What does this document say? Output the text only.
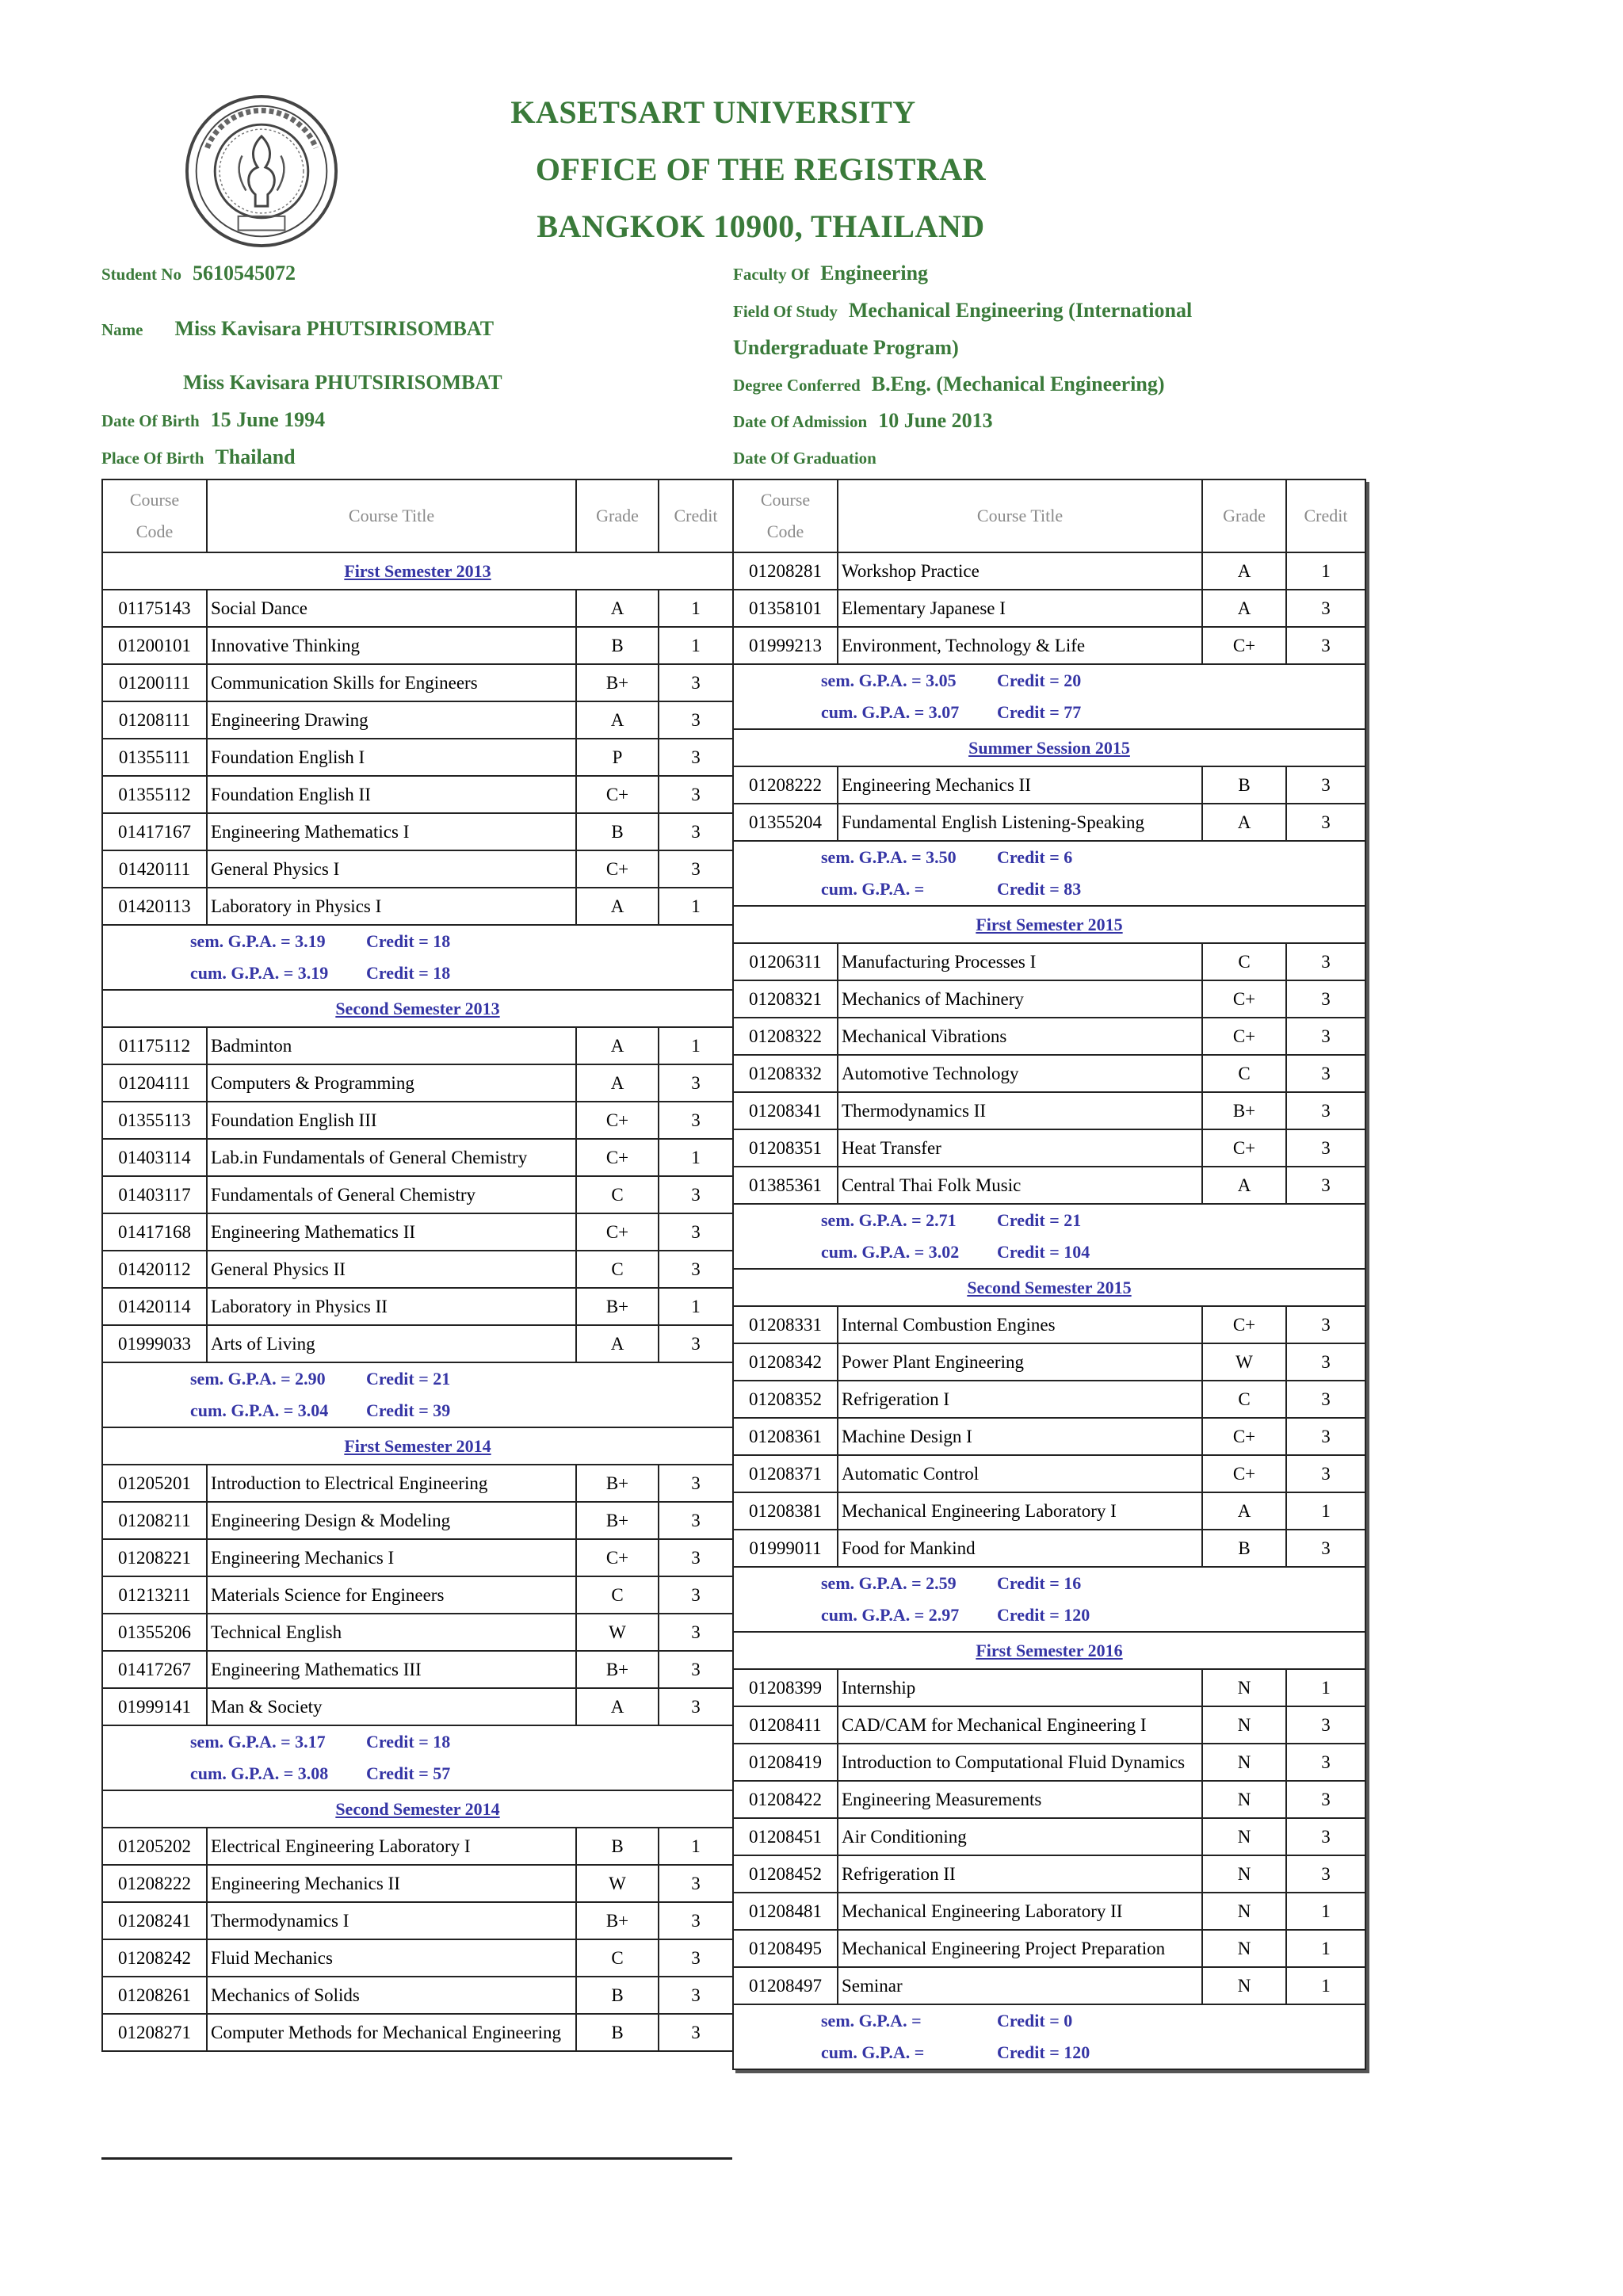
KASETSART UNIVERSITY
OFFICE OF THE REGISTRAR
BANGKOK 10900, THAILAND
Student No 5610545072
Name Miss Kavisara PHUTSIRISOMBAT
Miss Kavisara PHUTSIRISOMBAT
Date Of Birth 15 June 1994
Place Of Birth Thailand
Faculty Of Engineering
Field Of Study Mechanical Engineering (International
Undergraduate Program)
Degree Conferred B.Eng. (Mechanical Engineering)
Date Of Admission 10 June 2013
Date Of Graduation
Course
Code	Course Title	Grade	Credit
First Semester 2013			
01175143	Social Dance	A	1
01200101	Innovative Thinking	B	1
01200111	Communication Skills for Engineers	B+	3
01208111	Engineering Drawing	A	3
01355111	Foundation English I	P	3
01355112	Foundation English II	C+	3
01417167	Engineering Mathematics I	B	3
01420111	General Physics I	C+	3
01420113	Laboratory in Physics I	A	1
sem. G.P.A. = 3.19 Credit = 18			
cum. G.P.A. = 3.19 Credit = 18			
Second Semester 2013			
01175112	Badminton	A	1
01204111	Computers & Programming	A	3
01355113	Foundation English III	C+	3
01403114	Lab.in Fundamentals of General Chemistry	C+	1
01403117	Fundamentals of General Chemistry	C	3
01417168	Engineering Mathematics II	C+	3
01420112	General Physics II	C	3
01420114	Laboratory in Physics II	B+	1
01999033	Arts of Living	A	3
sem. G.P.A. = 2.90 Credit = 21			
cum. G.P.A. = 3.04 Credit = 39			
First Semester 2014			
01205201	Introduction to Electrical Engineering	B+	3
01208211	Engineering Design & Modeling	B+	3
01208221	Engineering Mechanics I	C+	3
01213211	Materials Science for Engineers	C	3
01355206	Technical English	W	3
01417267	Engineering Mathematics III	B+	3
01999141	Man & Society	A	3
sem. G.P.A. = 3.17 Credit = 18			
cum. G.P.A. = 3.08 Credit = 57			
Second Semester 2014			
01205202	Electrical Engineering Laboratory I	B	1
01208222	Engineering Mechanics II	W	3
01208241	Thermodynamics I	B+	3
01208242	Fluid Mechanics	C	3
01208261	Mechanics of Solids	B	3
01208271	Computer Methods for Mechanical Engineering	B	3
Course
Code	Course Title	Grade	Credit
01208281	Workshop Practice	A	1
01358101	Elementary Japanese I	A	3
01999213	Environment, Technology & Life	C+	3
sem. G.P.A. = 3.05 Credit = 20			
cum. G.P.A. = 3.07 Credit = 77			
Summer Session 2015			
01208222	Engineering Mechanics II	B	3
01355204	Fundamental English Listening-Speaking	A	3
sem. G.P.A. = 3.50 Credit = 6			
cum. G.P.A. = Credit = 83			
First Semester 2015			
01206311	Manufacturing Processes I	C	3
01208321	Mechanics of Machinery	C+	3
01208322	Mechanical Vibrations	C+	3
01208332	Automotive Technology	C	3
01208341	Thermodynamics II	B+	3
01208351	Heat Transfer	C+	3
01385361	Central Thai Folk Music	A	3
sem. G.P.A. = 2.71 Credit = 21			
cum. G.P.A. = 3.02 Credit = 104			
Second Semester 2015			
01208331	Internal Combustion Engines	C+	3
01208342	Power Plant Engineering	W	3
01208352	Refrigeration I	C	3
01208361	Machine Design I	C+	3
01208371	Automatic Control	C+	3
01208381	Mechanical Engineering Laboratory I	A	1
01999011	Food for Mankind	B	3
sem. G.P.A. = 2.59 Credit = 16			
cum. G.P.A. = 2.97 Credit = 120			
First Semester 2016			
01208399	Internship	N	1
01208411	CAD/CAM for Mechanical Engineering I	N	3
01208419	Introduction to Computational Fluid Dynamics	N	3
01208422	Engineering Measurements	N	3
01208451	Air Conditioning	N	3
01208452	Refrigeration II	N	3
01208481	Mechanical Engineering Laboratory II	N	1
01208495	Mechanical Engineering Project Preparation	N	1
01208497	Seminar	N	1
sem. G.P.A. = Credit = 0			
cum. G.P.A. = Credit = 120			
